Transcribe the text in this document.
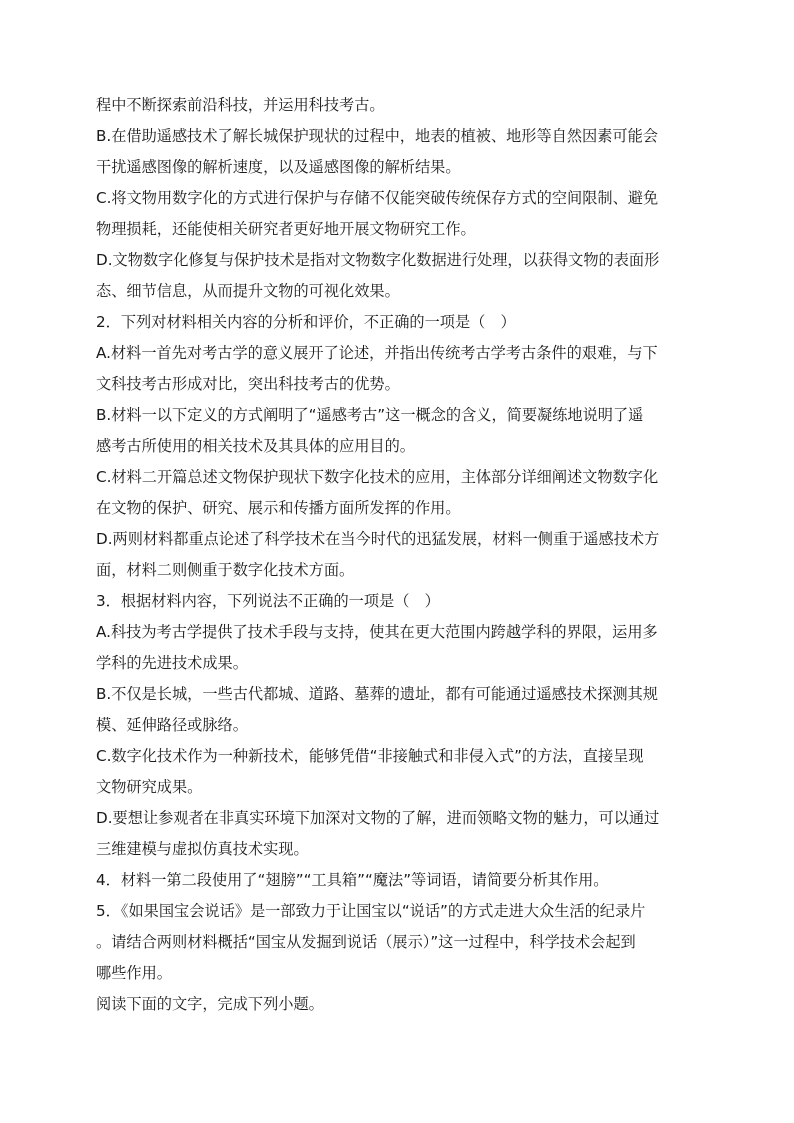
程中不断探索前沿科技，并运用科技考古。
B.在借助遥感技术了解长城保护现状的过程中，地表的植被、地形等自然因素可能会
干扰遥感图像的解析速度，以及遥感图像的解析结果。
C.将文物用数字化的方式进行保护与存储不仅能突破传统保存方式的空间限制、避免
物理损耗，还能使相关研究者更好地开展文物研究工作。
D.文物数字化修复与保护技术是指对文物数字化数据进行处理，以获得文物的表面形
态、细节信息，从而提升文物的可视化效果。
2．下列对材料相关内容的分析和评价，不正确的一项是（　）
A.材料一首先对考古学的意义展开了论述，并指出传统考古学考古条件的艰难，与下
文科技考古形成对比，突出科技考古的优势。
B.材料一以下定义的方式阐明了“遥感考古”这一概念的含义，简要凝练地说明了遥
感考古所使用的相关技术及其具体的应用目的。
C.材料二开篇总述文物保护现状下数字化技术的应用，主体部分详细阐述文物数字化
在文物的保护、研究、展示和传播方面所发挥的作用。
D.两则材料都重点论述了科学技术在当今时代的迅猛发展，材料一侧重于遥感技术方
面，材料二则侧重于数字化技术方面。
3．根据材料内容，下列说法不正确的一项是（　）
A.科技为考古学提供了技术手段与支持，使其在更大范围内跨越学科的界限，运用多
学科的先进技术成果。
B.不仅是长城，一些古代都城、道路、墓葬的遗址，都有可能通过遥感技术探测其规
模、延伸路径或脉络。
C.数字化技术作为一种新技术，能够凭借“非接触式和非侵入式”的方法，直接呈现
文物研究成果。
D.要想让参观者在非真实环境下加深对文物的了解，进而领略文物的魅力，可以通过
三维建模与虚拟仿真技术实现。
4．材料一第二段使用了“翅膀”“工具箱”“魔法”等词语，请简要分析其作用。
5．《如果国宝会说话》是一部致力于让国宝以“说话”的方式走进大众生活的纪录片
。请结合两则材料概括“国宝从发掘到说话（展示）”这一过程中，科学技术会起到
哪些作用。
阅读下面的文字，完成下列小题。
